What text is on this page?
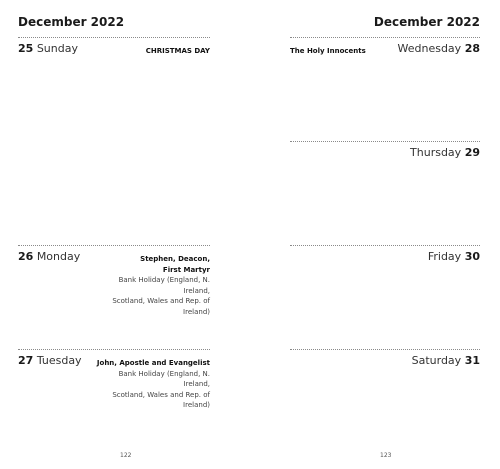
December 2022
25 Sunday	CHRISTMAS DAY
26 Monday	Stephen, Deacon,
First Martyr
Bank Holiday (England, N. Ireland,
Scotland, Wales and Rep. of Ireland)
27 Tuesday	John, Apostle and Evangelist
Bank Holiday (England, N. Ireland,
Scotland, Wales and Rep. of Ireland)
122
December 2022
Wednesday 28
The Holy Innocents
Thursday 29
Friday 30
Saturday 31
123
